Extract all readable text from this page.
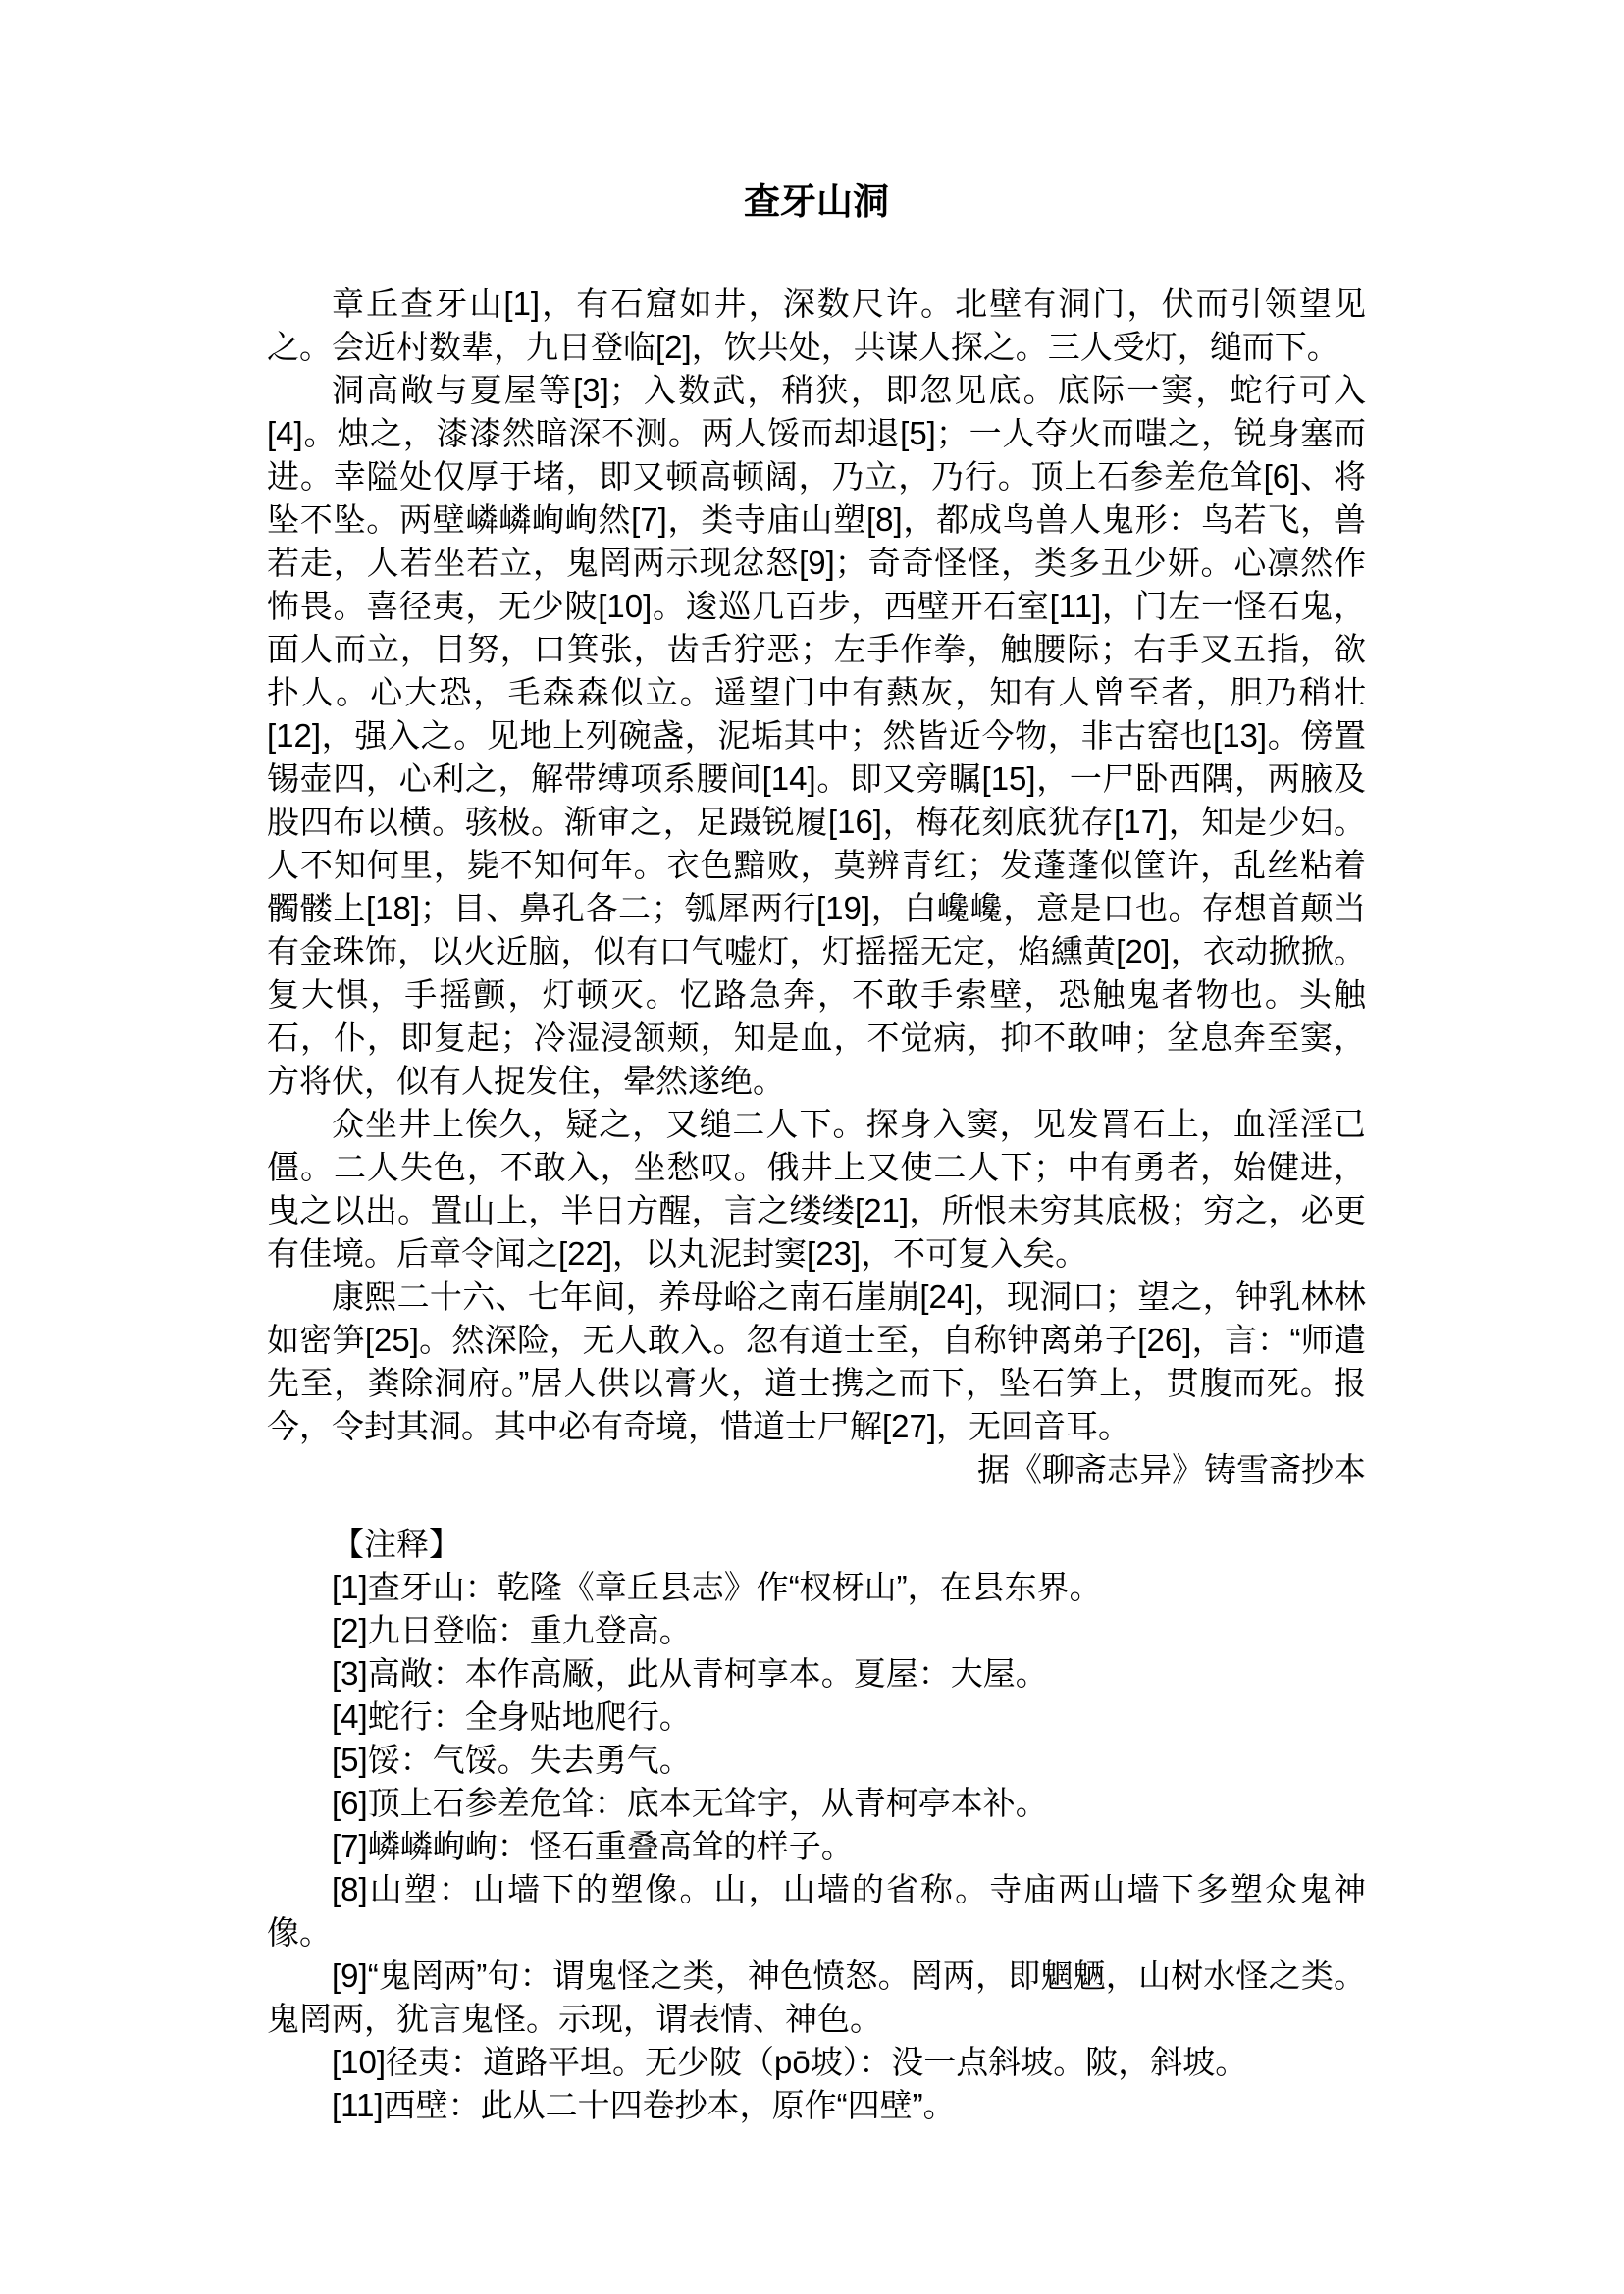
查牙山洞

章丘查牙山[1]，有石窟如井，深数尺许。北壁有洞门，伏而引领望见之。会近村数辈，九日登临[2]，饮共处，共谋人探之。三人受灯，缒而下。

洞高敞与夏屋等[3]；入数武，稍狭，即忽见底。底际一窦，蛇行可入[4]。烛之，漆漆然暗深不测。两人馁而却退[5]；一人夺火而嗤之，锐身塞而进。幸隘处仅厚于堵，即又顿高顿阔，乃立，乃行。顶上石参差危耸[6]、将坠不坠。两壁嶙嶙峋峋然[7]，类寺庙山塑[8]，都成鸟兽人鬼形：鸟若飞，兽若走，人若坐若立，鬼罔两示现忿怒[9]；奇奇怪怪，类多丑少妍。心凛然作怖畏。喜径夷，无少陂[10]。逡巡几百步，西壁开石室[11]，门左一怪石鬼，面人而立，目努，口箕张，齿舌狞恶；左手作拳，触腰际；右手叉五指，欲扑人。心大恐，毛森森似立。遥望门中有爇灰，知有人曾至者，胆乃稍壮[12]，强入之。见地上列碗盏，泥垢其中；然皆近今物，非古窑也[13]。傍置锡壶四，心利之，解带缚项系腰间[14]。即又旁瞩[15]，一尸卧西隅，两腋及股四布以横。骇极。渐审之，足蹑锐履[16]，梅花刻底犹存[17]，知是少妇。人不知何里，毙不知何年。衣色黯败，莫辨青红；发蓬蓬似筐许，乱丝粘着髑髅上[18]；目、鼻孔各二；瓠犀两行[19]，白巉巉，意是口也。存想首颠当有金珠饰，以火近脑，似有口气嘘灯，灯摇摇无定，焰纁黄[20]，衣动掀掀。复大惧，手摇颤，灯顿灭。忆路急奔，不敢手索壁，恐触鬼者物也。头触石，仆，即复起；冷湿浸颔颊，知是血，不觉病，抑不敢呻；坌息奔至窦，方将伏，似有人捉发住，晕然遂绝。

众坐井上俟久，疑之，又缒二人下。探身入窦，见发罥石上，血淫淫已僵。二人失色，不敢入，坐愁叹。俄井上又使二人下；中有勇者，始健进，曳之以出。置山上，半日方醒，言之缕缕[21]，所恨未穷其底极；穷之，必更有佳境。后章令闻之[22]，以丸泥封窦[23]，不可复入矣。

康熙二十六、七年间，养母峪之南石崖崩[24]，现洞口；望之，钟乳林林如密笋[25]。然深险，无人敢入。忽有道士至，自称钟离弟子[26]，言：“师遣先至，粪除洞府。”居人供以膏火，道士携之而下，坠石笋上，贯腹而死。报今，令封其洞。其中必有奇境，惜道士尸解[27]，无回音耳。

据《聊斋志异》铸雪斋抄本

【注释】

[1]查牙山：乾隆《章丘县志》作“杈枒山”，在县东界。

[2]九日登临：重九登高。

[3]高敞：本作高厰，此从青柯享本。夏屋：大屋。

[4]蛇行：全身贴地爬行。

[5]馁：气馁。失去勇气。

[6]顶上石参差危耸：底本无耸宇，从青柯亭本补。

[7]嶙嶙峋峋：怪石重叠高耸的样子。

[8]山塑：山墙下的塑像。山，山墙的省称。寺庙两山墙下多塑众鬼神像。

[9]“鬼罔两”句：谓鬼怪之类，神色愤怒。罔两，即魍魉，山树水怪之类。鬼罔两，犹言鬼怪。示现，谓表情、神色。

[10]径夷：道路平坦。无少陂（pō坡）：没一点斜坡。陂，斜坡。

[11]西壁：此从二十四卷抄本，原作“四壁”。
